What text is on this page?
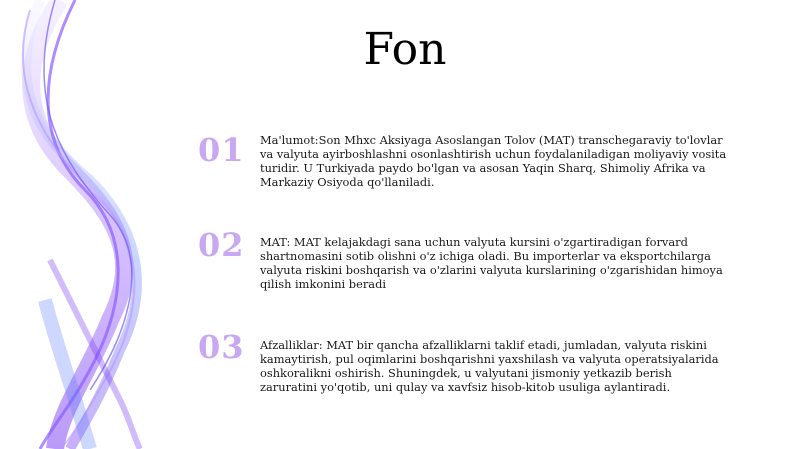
Fon
01	Ma'lumot:Son Mhxc Aksiyaga Asoslangan Tolov (MAT) transchegaraviy to'lovlar va valyuta ayirboshlashni osonlashtirish uchun foydalaniladigan moliyaviy vosita turidir. U Turkiyada paydo bo'lgan va asosan Yaqin Sharq, Shimoliy Afrika va Markaziy Osiyoda qo'llaniladi.

02	MAT: MAT kelajakdagi sana uchun valyuta kursini o'zgartiradigan forvard shartnomasini sotib olishni o'z ichiga oladi. Bu importerlar va eksportchilarga valyuta riskini boshqarish va o'zlarini valyuta kurslarining o'zgarishidan himoya qilish imkonini beradi

03	Afzalliklar: MAT bir qancha afzalliklarni taklif etadi, jumladan, valyuta riskini kamaytirish, pul oqimlarini boshqarishni yaxshilash va valyuta operatsiyalarida oshkoralikni oshirish. Shuningdek, u valyutani jismoniy yetkazib berish zaruratini yo'qotib, uni qulay va xavfsiz hisob-kitob usuliga aylantiradi.
